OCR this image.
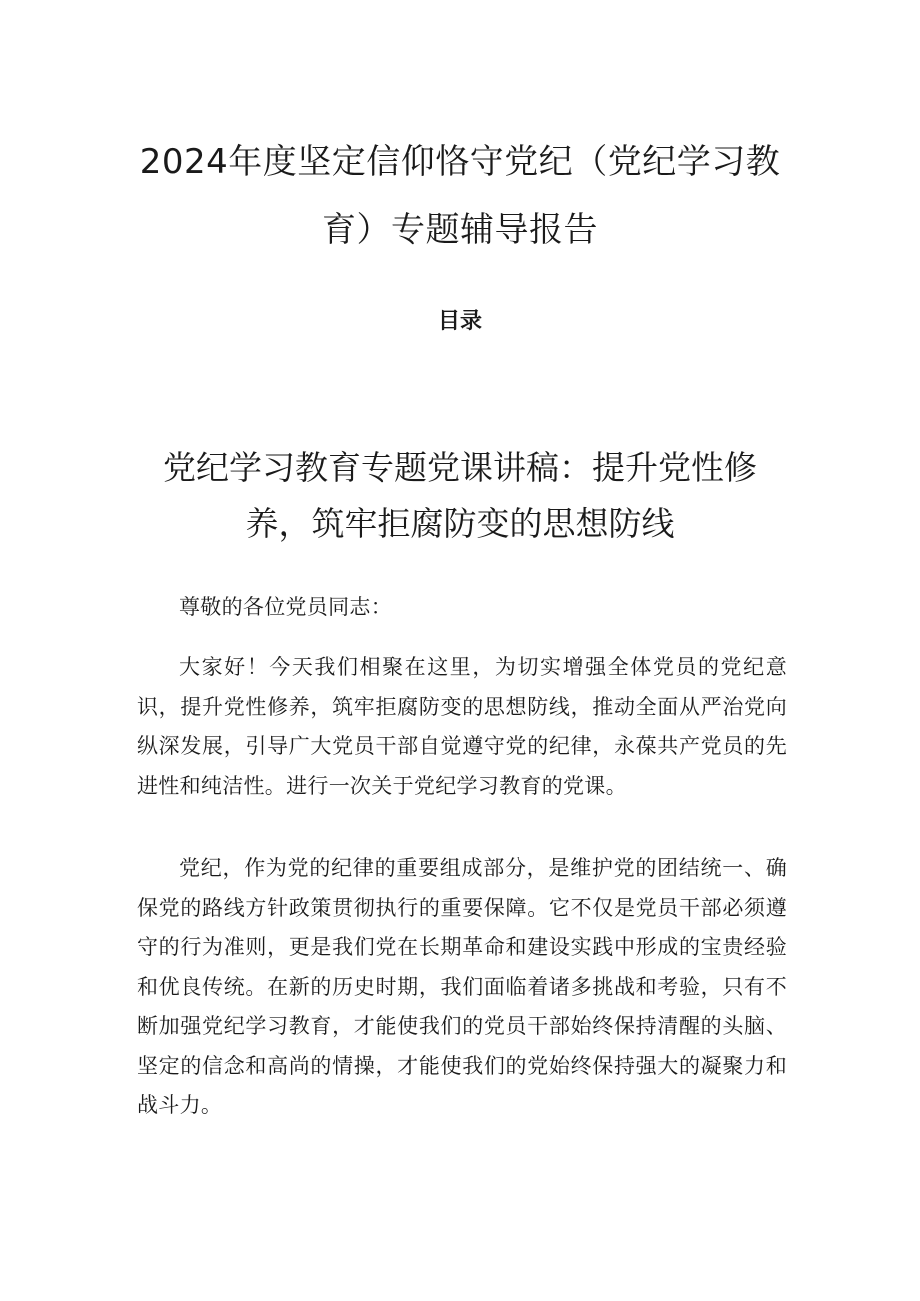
2024年度坚定信仰恪守党纪（党纪学习教育）专题辅导报告
目录
党纪学习教育专题党课讲稿：提升党性修养，筑牢拒腐防变的思想防线

尊敬的各位党员同志：

大家好！今天我们相聚在这里，为切实增强全体党员的党纪意识，提升党性修养，筑牢拒腐防变的思想防线，推动全面从严治党向纵深发展，引导广大党员干部自觉遵守党的纪律，永葆共产党员的先进性和纯洁性。进行一次关于党纪学习教育的党课。

党纪，作为党的纪律的重要组成部分，是维护党的团结统一、确保党的路线方针政策贯彻执行的重要保障。它不仅是党员干部必须遵守的行为准则，更是我们党在长期革命和建设实践中形成的宝贵经验和优良传统。在新的历史时期，我们面临着诸多挑战和考验，只有不断加强党纪学习教育，才能使我们的党员干部始终保持清醒的头脑、坚定的信念和高尚的情操，才能使我们的党始终保持强大的凝聚力和战斗力。
